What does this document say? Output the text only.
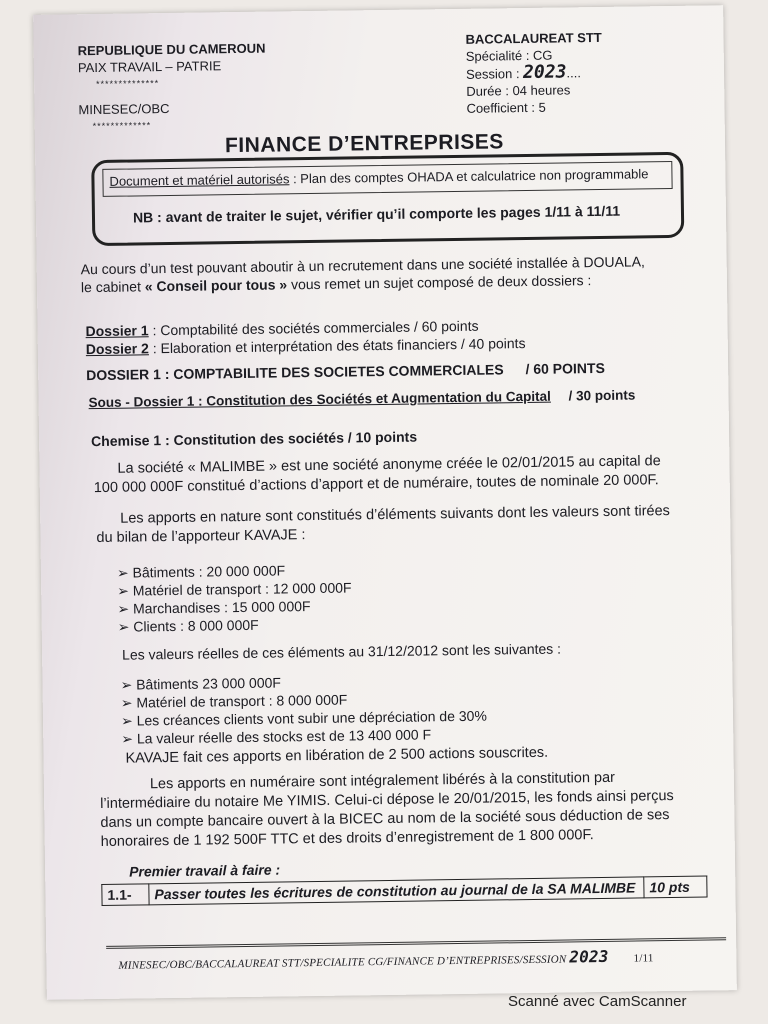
REPUBLIQUE DU CAMEROUN
PAIX TRAVAIL – PATRIE
**************
MINESEC/OBC
*************
BACCALAUREAT STT
Spécialité : CG
Session : 2023....
Durée : 04 heures
Coefficient : 5
FINANCE D’ENTREPRISES
Document et matériel autorisés : Plan des comptes OHADA et calculatrice non programmable
NB : avant de traiter le sujet, vérifier qu’il comporte les pages 1/11 à 11/11
Au cours d’un test pouvant aboutir à un recrutement dans une société installée à DOUALA,
le cabinet « Conseil pour tous » vous remet un sujet composé de deux dossiers :
Dossier 1 : Comptabilité des sociétés commerciales / 60 points
Dossier 2 : Elaboration et interprétation des états financiers / 40 points
DOSSIER 1 : COMPTABILITE DES SOCIETES COMMERCIALES / 60 POINTS
Sous - Dossier 1 : Constitution des Sociétés et Augmentation du Capital / 30 points
Chemise 1 : Constitution des sociétés / 10 points
La société « MALIMBE » est une société anonyme créée le 02/01/2015 au capital de
100 000 000F constitué d’actions d’apport et de numéraire, toutes de nominale 20 000F.
Les apports en nature sont constitués d’éléments suivants dont les valeurs sont tirées
du bilan de l’apporteur KAVAJE :
➢ Bâtiments : 20 000 000F
➢ Matériel de transport : 12 000 000F
➢ Marchandises : 15 000 000F
➢ Clients : 8 000 000F
Les valeurs réelles de ces éléments au 31/12/2012 sont les suivantes :
➢ Bâtiments 23 000 000F
➢ Matériel de transport : 8 000 000F
➢ Les créances clients vont subir une dépréciation de 30%
➢ La valeur réelle des stocks est de 13 400 000 F
KAVAJE fait ces apports en libération de 2 500 actions souscrites.
Les apports en numéraire sont intégralement libérés à la constitution par
l’intermédiaire du notaire Me YIMIS. Celui-ci dépose le 20/01/2015, les fonds ainsi perçus
dans un compte bancaire ouvert à la BICEC au nom de la société sous déduction de ses
honoraires de 1 192 500F TTC et des droits d’enregistrement de 1 800 000F.
Premier travail à faire :
1.1-	Passer toutes les écritures de constitution au journal de la SA MALIMBE	10 pts
MINESEC/OBC/BACCALAUREAT STT/SPECIALITE CG/FINANCE D’ENTREPRISES/SESSION 2023 1/11
Scanné avec CamScanner
